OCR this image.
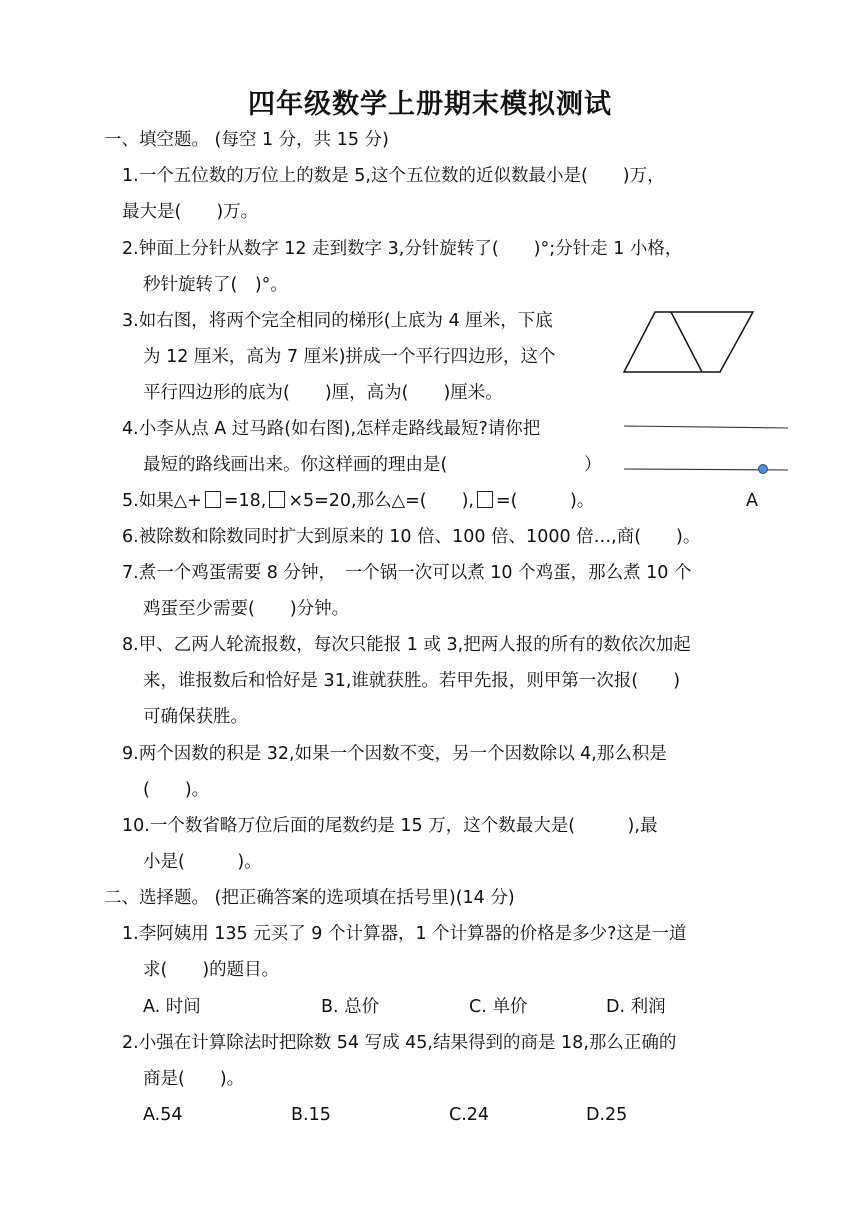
四年级数学上册期末模拟测试
一、填空题。 (每空 1 分，共 15 分)
1.一个五位数的万位上的数是 5,这个五位数的近似数最小是(　　)万，
最大是(　　)万。
2.钟面上分针从数字 12 走到数字 3,分针旋转了(　　)°;分针走 1 小格，
秒针旋转了(　)°。
3.如右图，将两个完全相同的梯形(上底为 4 厘米，下底
为 12 厘米，高为 7 厘米)拼成一个平行四边形，这个
平行四边形的底为(　　)厘，高为(　　)厘米。
4.小李从点 A 过马路(如右图),怎样走路线最短?请你把
最短的路线画出来。你这样画的理由是(	）
5.如果△+ =18, ×5=20,那么△=(　　), =(　　　)。	A
6.被除数和除数同时扩大到原来的 10 倍、100 倍、1000 倍…,商(　　)。
7.煮一个鸡蛋需要 8 分钟，　一个锅一次可以煮 10 个鸡蛋，那么煮 10 个
鸡蛋至少需要(　　)分钟。
8.甲、乙两人轮流报数，每次只能报 1 或 3,把两人报的所有的数依次加起
来，谁报数后和恰好是 31,谁就获胜。若甲先报，则甲第一次报(　　)
可确保获胜。
9.两个因数的积是 32,如果一个因数不变，另一个因数除以 4,那么积是
(　　)。
10.一个数省略万位后面的尾数约是 15 万，这个数最大是(　　　),最
小是(　　　)。
二、选择题。 (把正确答案的选项填在括号里)(14 分)
1.李阿姨用 135 元买了 9 个计算器，1 个计算器的价格是多少?这是一道
求(　　)的题目。
A. 时间	B. 总价	C. 单价	D. 利润
2.小强在计算除法时把除数 54 写成 45,结果得到的商是 18,那么正确的
商是(　　)。
A.54	B.15	C.24	D.25
